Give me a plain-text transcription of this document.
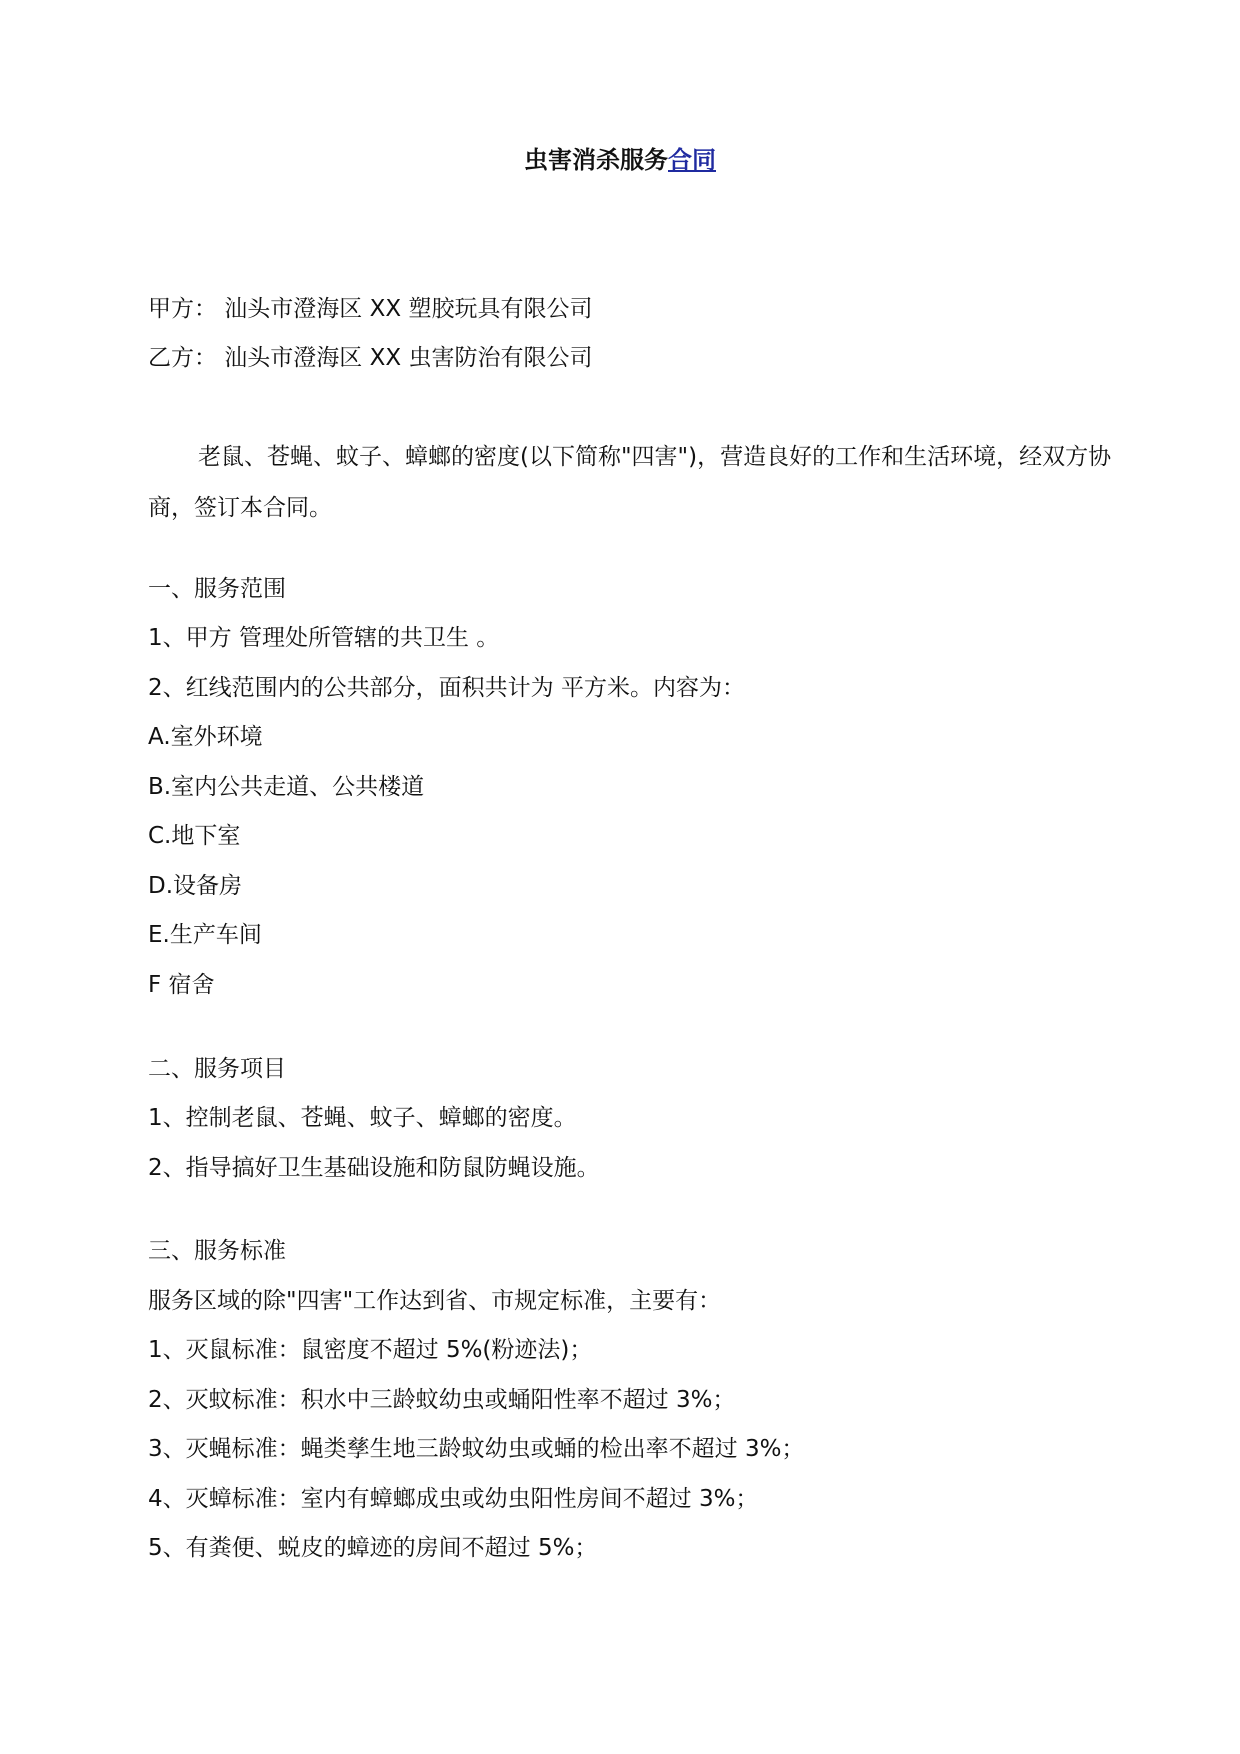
虫害消杀服务合同

甲方： 汕头市澄海区 XX 塑胶玩具有限公司

乙方： 汕头市澄海区 XX 虫害防治有限公司

老鼠、苍蝇、蚊子、蟑螂的密度(以下简称"四害")，营造良好的工作和生活环境，经双方协商，签订本合同。

一、服务范围

1、甲方 管理处所管辖的共卫生 。

2、红线范围内的公共部分，面积共计为 平方米。内容为：

A.室外环境

B.室内公共走道、公共楼道

C.地下室

D.设备房

E.生产车间

F 宿舍

二、服务项目

1、控制老鼠、苍蝇、蚊子、蟑螂的密度。

2、指导搞好卫生基础设施和防鼠防蝇设施。

三、服务标准

服务区域的除"四害"工作达到省、市规定标准，主要有：

1、灭鼠标准：鼠密度不超过 5%(粉迹法)；

2、灭蚊标准：积水中三龄蚊幼虫或蛹阳性率不超过 3%；

3、灭蝇标准：蝇类孳生地三龄蚊幼虫或蛹的检出率不超过 3%；

4、灭蟑标准：室内有蟑螂成虫或幼虫阳性房间不超过 3%；

5、有粪便、蜕皮的蟑迹的房间不超过 5%；
